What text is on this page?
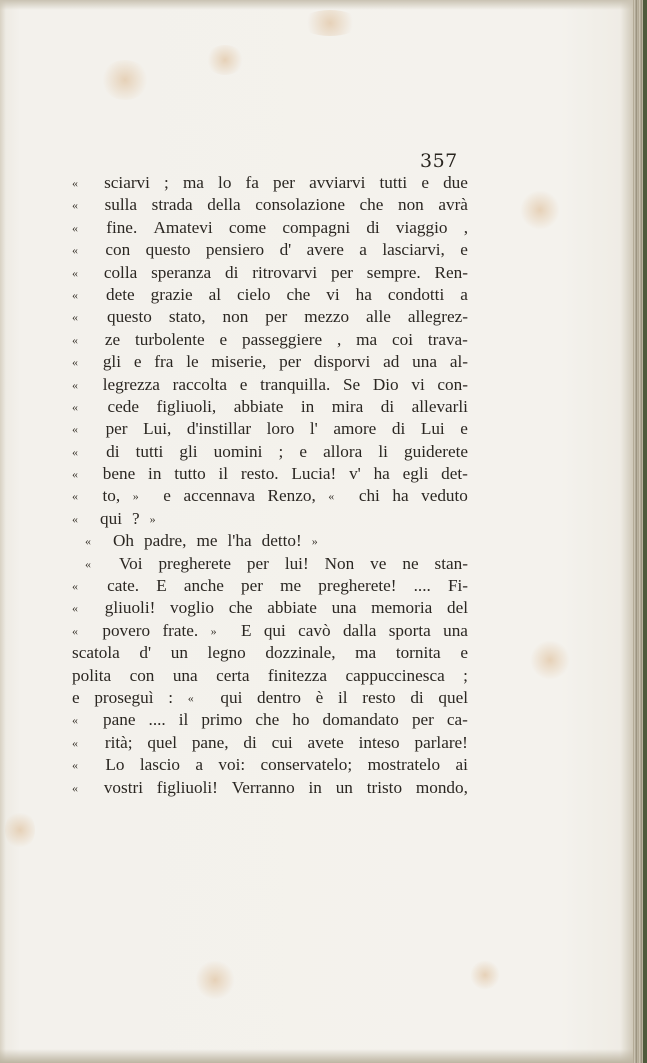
357
«	sciarvi ; ma lo fa per avviarvi tutti e due
«	sulla strada della consolazione che non avrà
«	fine. Amatevi come compagni di viaggio ,
«	con questo pensiero d' avere a lasciarvi, e
«	colla speranza di ritrovarvi per sempre. Ren-
«	dete grazie al cielo che vi ha condotti a
«	questo stato, non per mezzo alle allegrez-
«	ze turbolente e passeggiere , ma coi trava-
«	gli e fra le miserie, per disporvi ad una al-
«	legrezza raccolta e tranquilla. Se Dio vi con-
«	cede figliuoli, abbiate in mira di allevarli
«	per Lui, d'instillar loro l' amore di Lui e
«	di tutti gli uomini ; e allora li guiderete
«	bene in tutto il resto. Lucia! v' ha egli det-
«	to, »	e accennava Renzo, «	chi ha veduto
«	qui ? »
«	Oh padre, me l'ha detto! »
«	Voi pregherete per lui! Non ve ne stan-
«	cate. E anche per me pregherete! .... Fi-
«	gliuoli! voglio che abbiate una memoria del
«	povero frate. »	E qui cavò dalla sporta una
scatola d' un legno dozzinale, ma tornita e
polita con una certa finitezza cappuccinesca ;
e proseguì : «	qui dentro è il resto di quel
«	pane .... il primo che ho domandato per ca-
«	rità; quel pane, di cui avete inteso parlare!
«	Lo lascio a voi: conservatelo; mostratelo ai
«	vostri figliuoli! Verranno in un tristo mondo,
